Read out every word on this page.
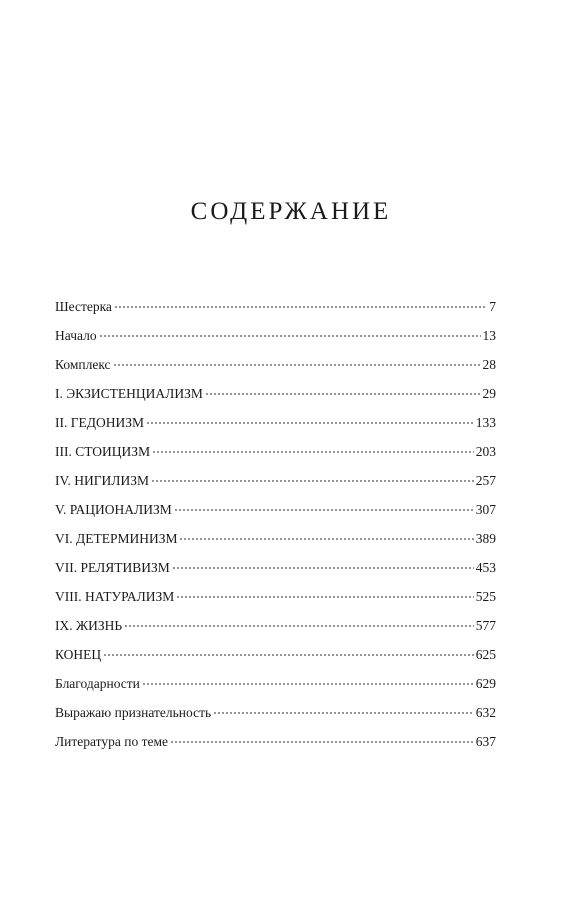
СОДЕРЖАНИЕ
Шестерка	7
Начало	13
Комплекс	28
I. ЭКЗИСТЕНЦИАЛИЗМ	29
II. ГЕДОНИЗМ	133
III. СТОИЦИЗМ	203
IV. НИГИЛИЗМ	257
V. РАЦИОНАЛИЗМ	307
VI. ДЕТЕРМИНИЗМ	389
VII. РЕЛЯТИВИЗМ	453
VIII. НАТУРАЛИЗМ	525
IX. ЖИЗНЬ	577
КОНЕЦ	625
Благодарности	629
Выражаю признательность	632
Литература по теме	637
